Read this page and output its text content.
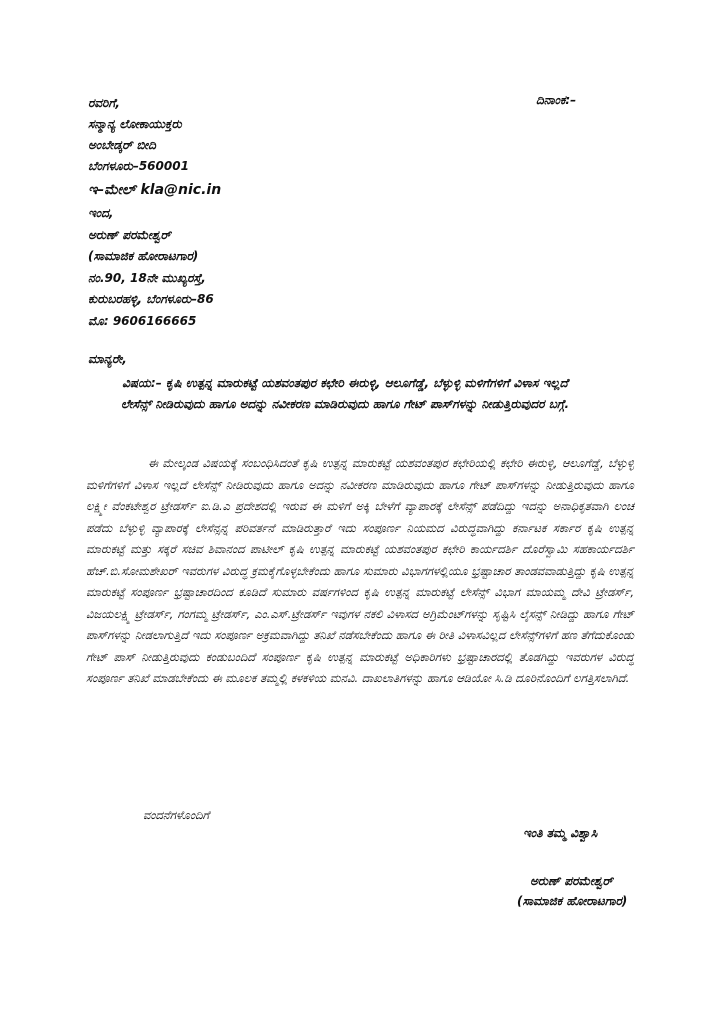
ದಿನಾಂಕ:–
ರವರಿಗೆ,
ಸನ್ಮಾನ್ಯ ಲೋಕಾಯುಕ್ತರು
ಅಂಬೇಡ್ಕರ್ ಬೀದಿ
ಬೆಂಗಳೂರು–560001
ಇ–ಮೇಲ್ kla@nic.in
ಇಂದ,
ಅರುಣ್ ಪರಮೇಶ್ವರ್
(ಸಾಮಾಜಿಕ ಹೋರಾಟಗಾರ)
ನಂ.90, 18ನೇ ಮುಖ್ಯರಸ್ತೆ,
ಕುರುಬರಹಳ್ಳಿ, ಬೆಂಗಳೂರು–86
ಮೊ: 9606166665
ಮಾನ್ಯರೇ,
ವಿಷಯ:– ಕೃಷಿ ಉತ್ಪನ್ನ ಮಾರುಕಟ್ಟೆ ಯಶವಂತಪುರ ಕಛೇರಿ ಈರುಳ್ಳಿ, ಆಲೂಗೆಡ್ಡೆ, ಬೆಳ್ಳುಳ್ಳಿ ಮಳಿಗೆಗಳಿಗೆ ವಿಳಾಸ ಇಲ್ಲದೆ ಲೇಸೆನ್ಸ್ ನೀಡಿರುವುದು ಹಾಗೂ ಅದನ್ನು ನವೀಕರಣ ಮಾಡಿರುವುದು ಹಾಗೂ ಗೇಟ್ ಪಾಸ್‌ಗಳನ್ನು ನೀಡುತ್ತಿರುವುದರ ಬಗ್ಗೆ.

ಈ ಮೇಲ್ಕಂಡ ವಿಷಯಕ್ಕೆ ಸಂಬಂಧಿಸಿದಂತೆ ಕೃಷಿ ಉತ್ಪನ್ನ ಮಾರುಕಟ್ಟೆ ಯಶವಂತಪುರ ಕಛೇರಿಯಲ್ಲಿ ಕಛೇರಿ ಈರುಳ್ಳಿ, ಆಲೂಗೆಡ್ಡೆ, ಬೆಳ್ಳುಳ್ಳಿ ಮಳಿಗೆಗಳಿಗೆ ವಿಳಾಸ ಇಲ್ಲದೆ ಲೇಸೆನ್ಸ್ ನೀಡಿರುವುದು ಹಾಗೂ ಅದನ್ನು ನವೀಕರಣ ಮಾಡಿರುವುದು ಹಾಗೂ ಗೇಟ್ ಪಾಸ್‌ಗಳನ್ನು ನೀಡುತ್ತಿರುವುದು ಹಾಗೂ ಲಕ್ಷ್ಮೀ ವೆಂಕಟೇಶ್ವರ ಟ್ರೇಡರ್ಸ್ ಐ.ಡಿ.ಎ ಪ್ರದೇಶದಲ್ಲಿ ಇರುವ ಈ ಮಳಿಗೆ ಅಕ್ಕಿ ಬೇಳೆಗೆ ವ್ಯಾಪಾರಕ್ಕೆ ಲೇಸೆನ್ಸ್ ಪಡೆದಿದ್ದು ಇದನ್ನು ಅನಾಧಿಕೃತವಾಗಿ ಲಂಚ ಪಡೆದು ಬೆಳ್ಳುಳ್ಳಿ ವ್ಯಾಪಾರಕ್ಕೆ ಲೇಸೆನ್ಸನ್ನ ಪರಿವರ್ತನೆ ಮಾಡಿರುತ್ತಾರೆ ಇದು ಸಂಪೂರ್ಣ ನಿಯಮದ ವಿರುದ್ಧವಾಗಿದ್ದು ಕರ್ನಾಟಕ ಸರ್ಕಾರ ಕೃಷಿ ಉತ್ಪನ್ನ ಮಾರುಕಟ್ಟೆ ಮತ್ತು ಸಕ್ಕರೆ ಸಚಿವ ಶಿವಾನಂದ ಪಾಟೀಲ್ ಕೃಷಿ ಉತ್ಪನ್ನ ಮಾರುಕಟ್ಟೆ ಯಶವಂತಪುರ ಕಛೇರಿ ಕಾರ್ಯದರ್ಶಿ ದೊರೆಸ್ವಾಮಿ ಸಹಕಾರ್ಯದರ್ಶಿ ಹೆಚ್.ಬಿ.ಸೋಮಶೇಖರ್ ಇವರುಗಳ ವಿರುದ್ಧ ಕ್ರಮಕೈಗೊಳ್ಳಬೇಕೆಂದು ಹಾಗೂ ಸುಮಾರು ವಿಭಾಗಗಳಲ್ಲಿಯೂ ಭ್ರಷ್ಟಾಚಾರ ತಾಂಡವವಾಡುತ್ತಿದ್ದು ಕೃಷಿ ಉತ್ಪನ್ನ ಮಾರುಕಟ್ಟೆ ಸಂಪೂರ್ಣ ಭ್ರಷ್ಟಾಚಾರದಿಂದ ಕೂಡಿದೆ ಸುಮಾರು ವರ್ಷಗಳಿಂದ ಕೃಷಿ ಉತ್ಪನ್ನ ಮಾರುಕಟ್ಟೆ ಲೇಸೆನ್ಸ್ ವಿಭಾಗ ಮಾಯಮ್ಮ ದೇವಿ ಟ್ರೇಡರ್ಸ್, ವಿಜಯಲಕ್ಷ್ಮಿ ಟ್ರೇಡರ್ಸ್, ಗಂಗಮ್ಮ ಟ್ರೇಡರ್ಸ್, ಎಂ.ಎಸ್.ಟ್ರೇಡರ್ಸ್ ಇವುಗಳ ನಕಲಿ ವಿಳಾಸದ ಅಗ್ರಿಮೆಂಟ್‌ಗಳನ್ನು ಸೃಷ್ಟಿಸಿ ಲೈಸನ್ಸ್ ನೀಡಿದ್ದು ಹಾಗೂ ಗೇಟ್ ಪಾಸ್‌ಗಳನ್ನು ನೀಡಲಾಗುತ್ತಿದೆ ಇದು ಸಂಪೂರ್ಣ ಅಕ್ರಮವಾಗಿದ್ದು ತನಿಖೆ ನಡೆಸಬೇಕೆಂದು ಹಾಗೂ ಈ ರೀತಿ ವಿಳಾಸವಿಲ್ಲದ ಲೇಸೆನ್ಸ್‌ಗಳಿಗೆ ಹಣ ತೆಗೆದುಕೊಂಡು ಗೇಟ್ ಪಾಸ್ ನೀಡುತ್ತಿರುವುದು ಕಂಡುಬಂದಿದೆ ಸಂಪೂರ್ಣ ಕೃಷಿ ಉತ್ಪನ್ನ ಮಾರುಕಟ್ಟೆ ಅಧಿಕಾರಿಗಳು ಭ್ರಷ್ಟಾಚಾರದಲ್ಲಿ ತೊಡಗಿದ್ದು ಇವರುಗಳ ವಿರುದ್ಧ ಸಂಪೂರ್ಣ ತನಿಖೆ ಮಾಡಬೇಕೆಂದು ಈ ಮೂಲಕ ತಮ್ಮಲ್ಲಿ ಕಳಕಳಿಯ ಮನವಿ. ದಾಖಲಾತಿಗಳನ್ನು ಹಾಗೂ ಆಡಿಯೋ ಸಿ.ಡಿ ದೂರಿನೊಂದಿಗೆ ಲಗತ್ತಿಸಲಾಗಿದೆ.

ವಂದನೆಗಳೊಂದಿಗೆ
ಇಂತಿ ತಮ್ಮ ವಿಶ್ವಾಸಿ
ಅರುಣ್ ಪರಮೇಶ್ವರ್
(ಸಾಮಾಜಿಕ ಹೋರಾಟಗಾರ)
